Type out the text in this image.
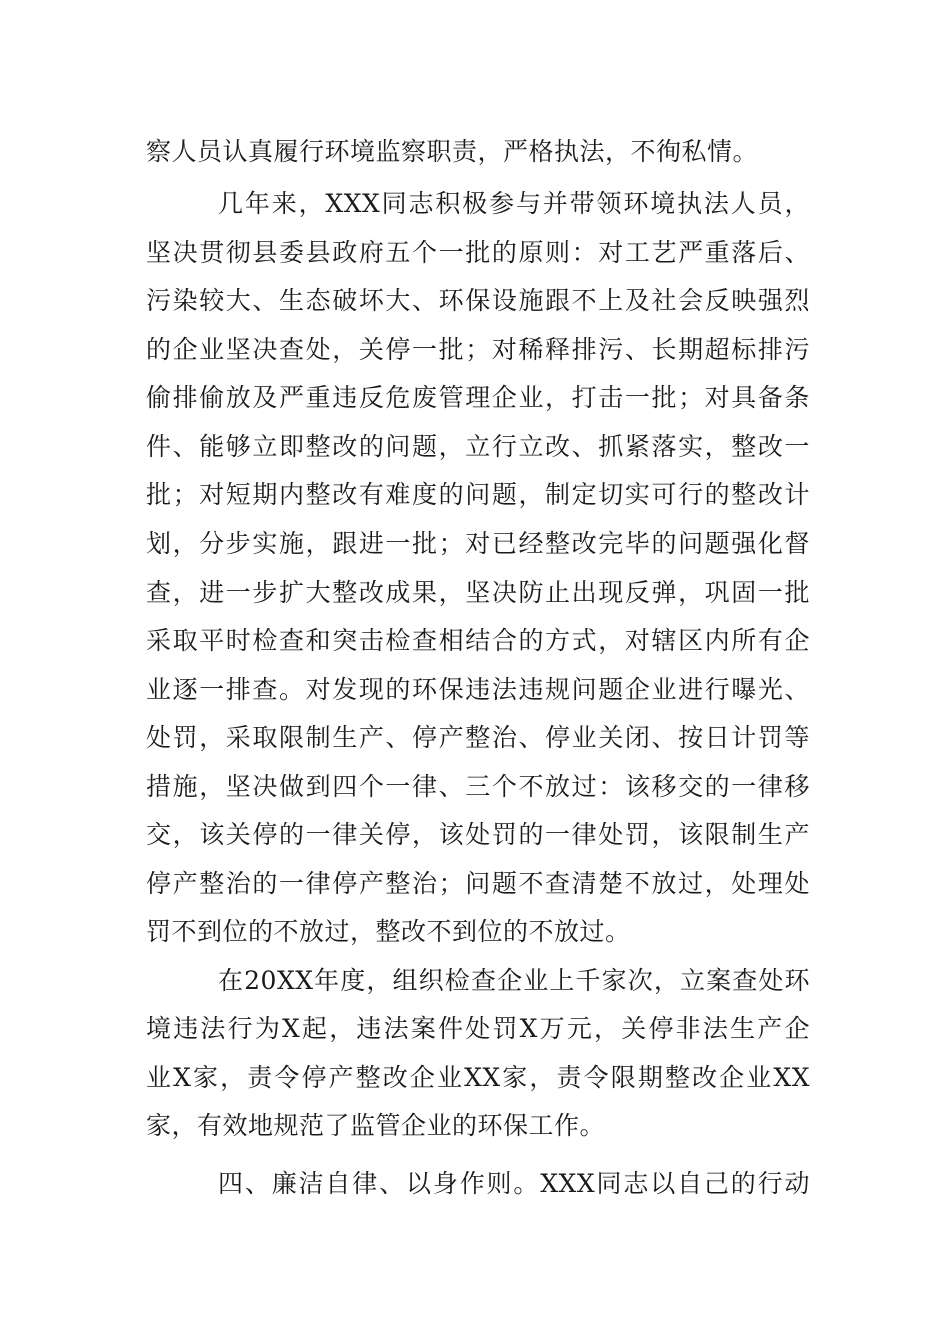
察人员认真履行环境监察职责，严格执法，不徇私情。
几年来，XXX同志积极参与并带领环境执法人员，
坚决贯彻县委县政府五个一批的原则：对工艺严重落后、
污染较大、生态破坏大、环保设施跟不上及社会反映强烈
的企业坚决查处，关停一批；对稀释排污、长期超标排污
偷排偷放及严重违反危废管理企业，打击一批；对具备条
件、能够立即整改的问题，立行立改、抓紧落实，整改一
批；对短期内整改有难度的问题，制定切实可行的整改计
划，分步实施，跟进一批；对已经整改完毕的问题强化督
查，进一步扩大整改成果，坚决防止出现反弹，巩固一批
采取平时检查和突击检查相结合的方式，对辖区内所有企
业逐一排查。对发现的环保违法违规问题企业进行曝光、
处罚，采取限制生产、停产整治、停业关闭、按日计罚等
措施，坚决做到四个一律、三个不放过：该移交的一律移
交，该关停的一律关停，该处罚的一律处罚，该限制生产
停产整治的一律停产整治；问题不查清楚不放过，处理处
罚不到位的不放过，整改不到位的不放过。
在20XX年度，组织检查企业上千家次，立案查处环
境违法行为X起，违法案件处罚X万元，关停非法生产企
业X家，责令停产整改企业XX家，责令限期整改企业XX
家，有效地规范了监管企业的环保工作。
四、廉洁自律、以身作则。XXX同志以自己的行动
